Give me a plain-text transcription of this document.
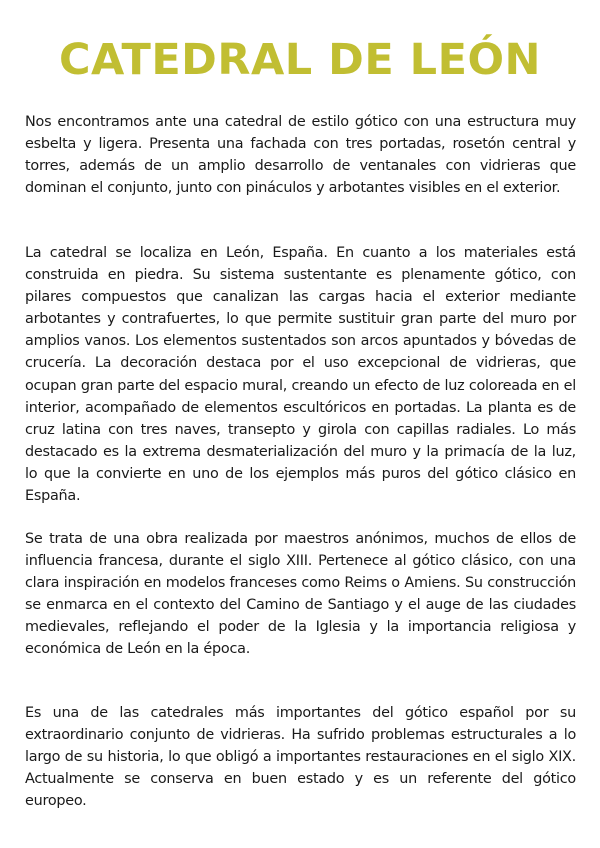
CATEDRAL DE LEÓN

Nos encontramos ante una catedral de estilo gótico con una estructura muy esbelta y ligera. Presenta una fachada con tres portadas, rosetón central y torres, además de un amplio desarrollo de ventanales con vidrieras que dominan el conjunto, junto con pináculos y arbotantes visibles en el exterior.

La catedral se localiza en León, España. En cuanto a los materiales está construida en piedra. Su sistema sustentante es plenamente gótico, con pilares compuestos que canalizan las cargas hacia el exterior mediante arbotantes y contrafuertes, lo que permite sustituir gran parte del muro por amplios vanos. Los elementos sustentados son arcos apuntados y bóvedas de crucería. La decoración destaca por el uso excepcional de vidrieras, que ocupan gran parte del espacio mural, creando un efecto de luz coloreada en el interior, acompañado de elementos escultóricos en portadas. La planta es de cruz latina con tres naves, transepto y girola con capillas radiales. Lo más destacado es la extrema desmaterialización del muro y la primacía de la luz, lo que la convierte en uno de los ejemplos más puros del gótico clásico en España.

Se trata de una obra realizada por maestros anónimos, muchos de ellos de influencia francesa, durante el siglo XIII. Pertenece al gótico clásico, con una clara inspiración en modelos franceses como Reims o Amiens. Su construcción se enmarca en el contexto del Camino de Santiago y el auge de las ciudades medievales, reflejando el poder de la Iglesia y la importancia religiosa y económica de León en la época.

Es una de las catedrales más importantes del gótico español por su extraordinario conjunto de vidrieras. Ha sufrido problemas estructurales a lo largo de su historia, lo que obligó a importantes restauraciones en el siglo XIX. Actualmente se conserva en buen estado y es un referente del gótico europeo.
